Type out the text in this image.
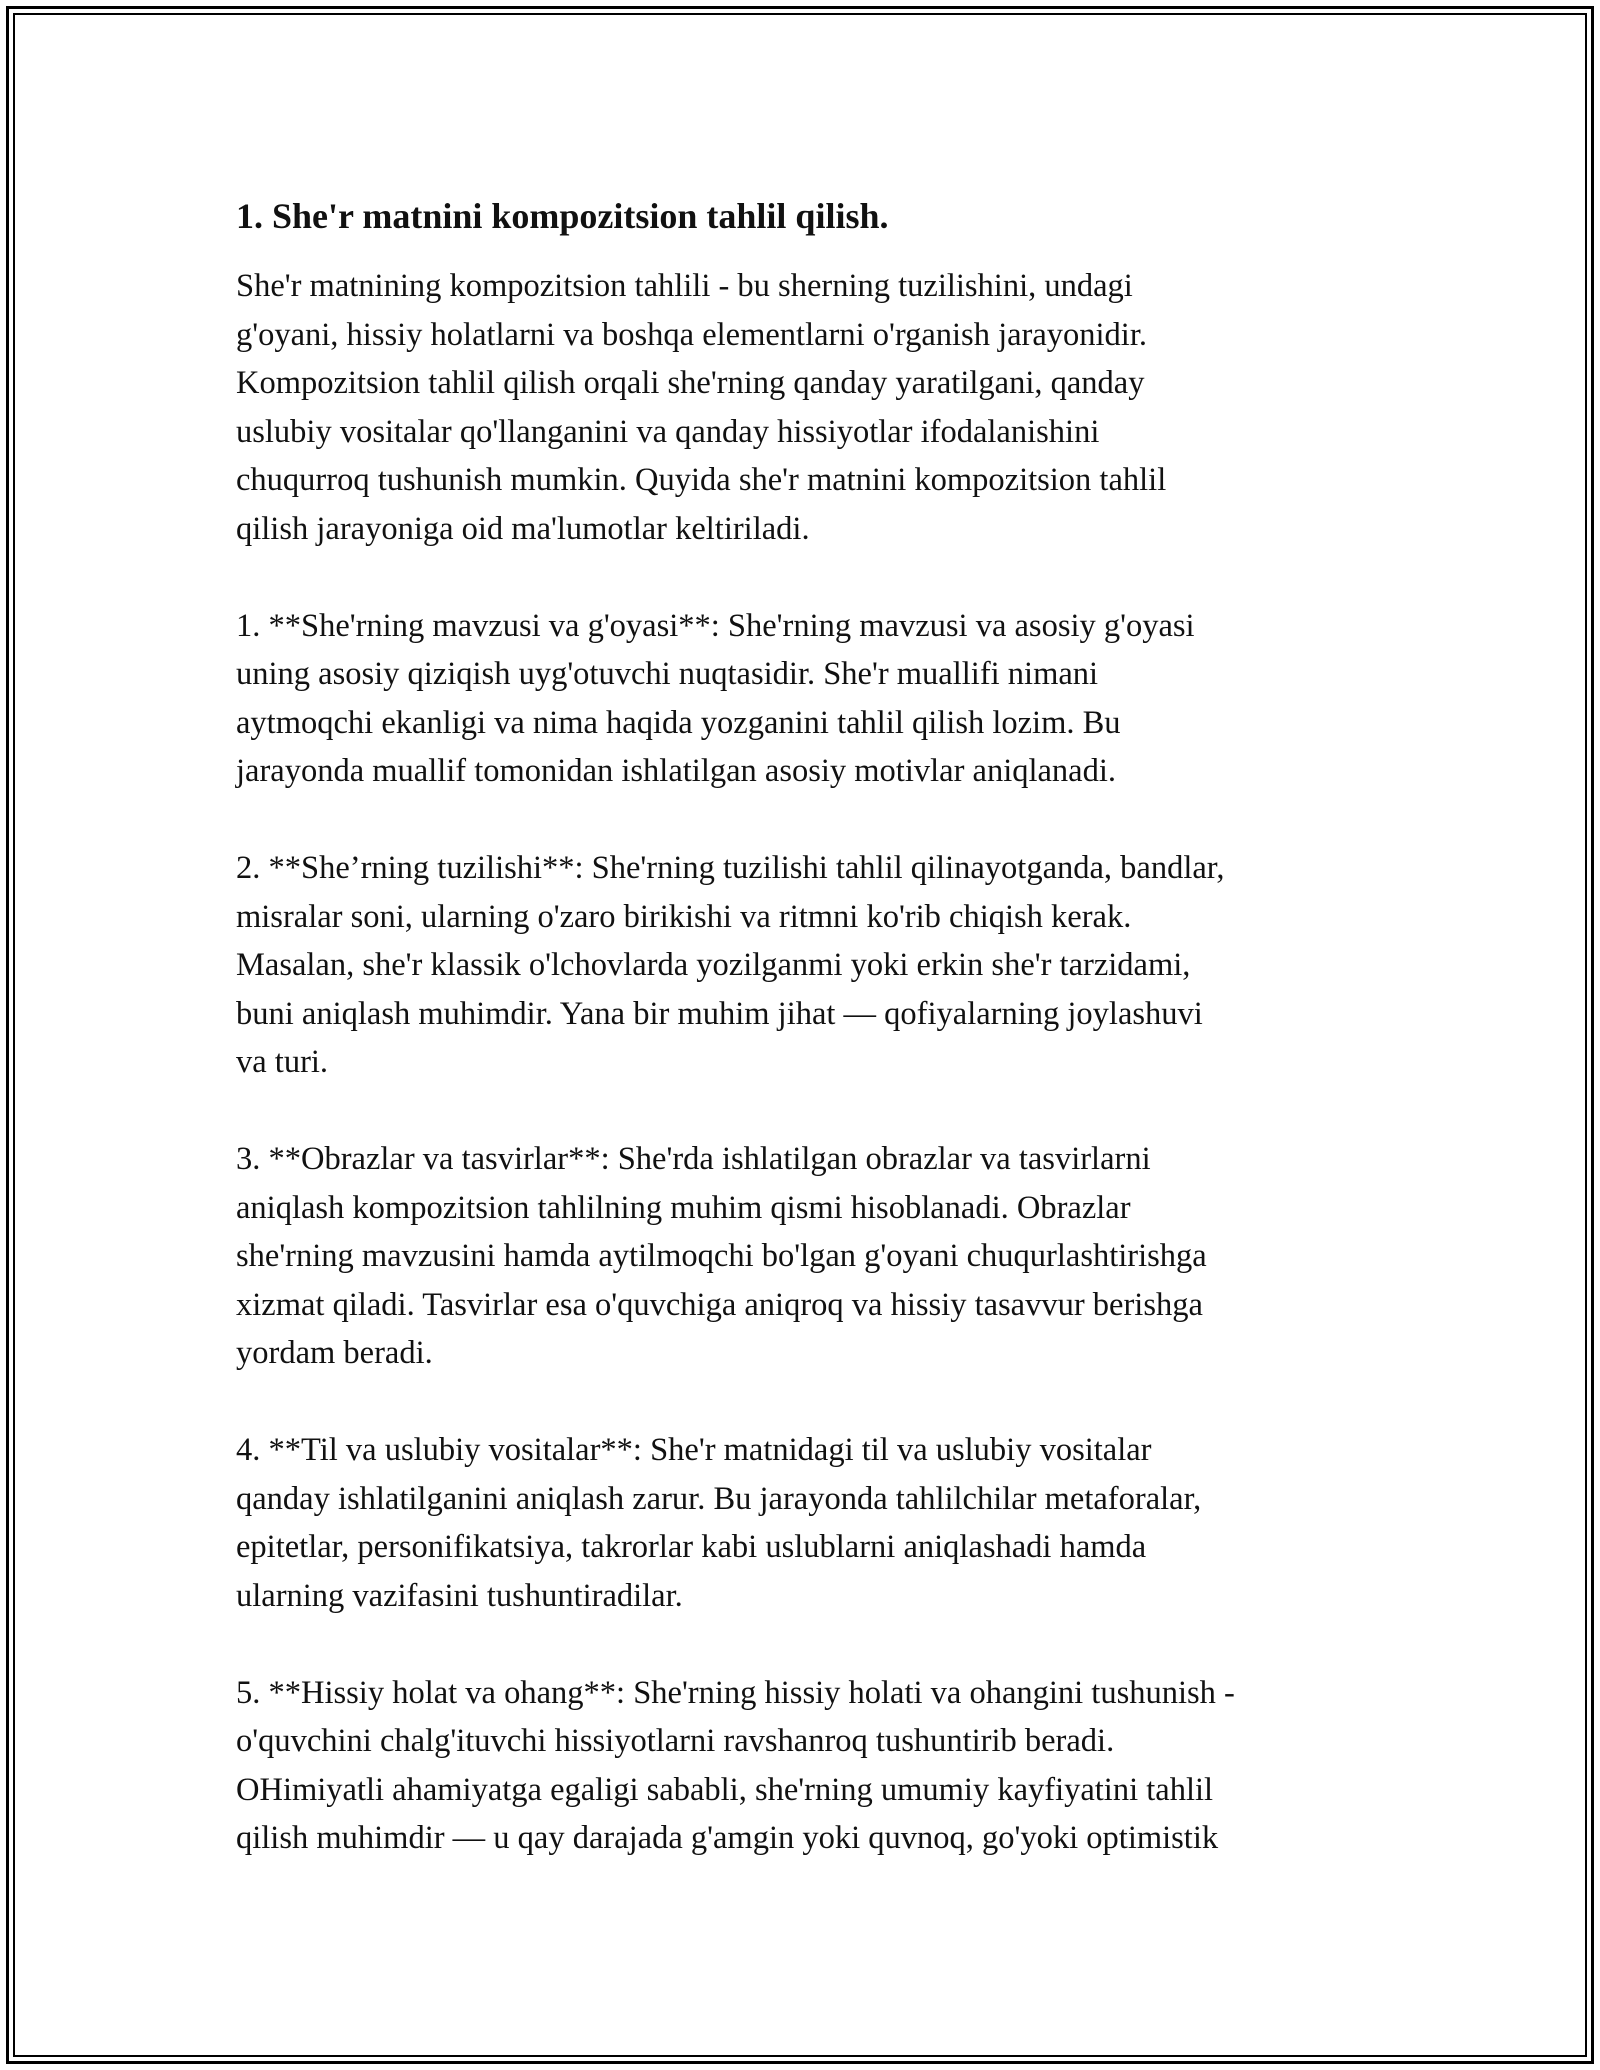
1. She'r matnini kompozitsion tahlil qilish.
She'r matnining kompozitsion tahlili - bu sherning tuzilishini, undagi
g'oyani, hissiy holatlarni va boshqa elementlarni o'rganish jarayonidir.
Kompozitsion tahlil qilish orqali she'rning qanday yaratilgani, qanday
uslubiy vositalar qo'llanganini va qanday hissiyotlar ifodalanishini
chuqurroq tushunish mumkin. Quyida she'r matnini kompozitsion tahlil
qilish jarayoniga oid ma'lumotlar keltiriladi.
1. **She'rning mavzusi va g'oyasi**: She'rning mavzusi va asosiy g'oyasi
uning asosiy qiziqish uyg'otuvchi nuqtasidir. She'r muallifi nimani
aytmoqchi ekanligi va nima haqida yozganini tahlil qilish lozim. Bu
jarayonda muallif tomonidan ishlatilgan asosiy motivlar aniqlanadi.
2. **She’rning tuzilishi**: She'rning tuzilishi tahlil qilinayotganda, bandlar,
misralar soni, ularning o'zaro birikishi va ritmni ko'rib chiqish kerak.
Masalan, she'r klassik o'lchovlarda yozilganmi yoki erkin she'r tarzidami,
buni aniqlash muhimdir. Yana bir muhim jihat — qofiyalarning joylashuvi
va turi.
3. **Obrazlar va tasvirlar**: She'rda ishlatilgan obrazlar va tasvirlarni
aniqlash kompozitsion tahlilning muhim qismi hisoblanadi. Obrazlar
she'rning mavzusini hamda aytilmoqchi bo'lgan g'oyani chuqurlashtirishga
xizmat qiladi. Tasvirlar esa o'quvchiga aniqroq va hissiy tasavvur berishga
yordam beradi.
4. **Til va uslubiy vositalar**: She'r matnidagi til va uslubiy vositalar
qanday ishlatilganini aniqlash zarur. Bu jarayonda tahlilchilar metaforalar,
epitetlar, personifikatsiya, takrorlar kabi uslublarni aniqlashadi hamda
ularning vazifasini tushuntiradilar.
5. **Hissiy holat va ohang**: She'rning hissiy holati va ohangini tushunish -
o'quvchini chalg'ituvchi hissiyotlarni ravshanroq tushuntirib beradi.
OHimiyatli ahamiyatga egaligi sababli, she'rning umumiy kayfiyatini tahlil
qilish muhimdir — u qay darajada g'amgin yoki quvnoq, go'yoki optimistik
